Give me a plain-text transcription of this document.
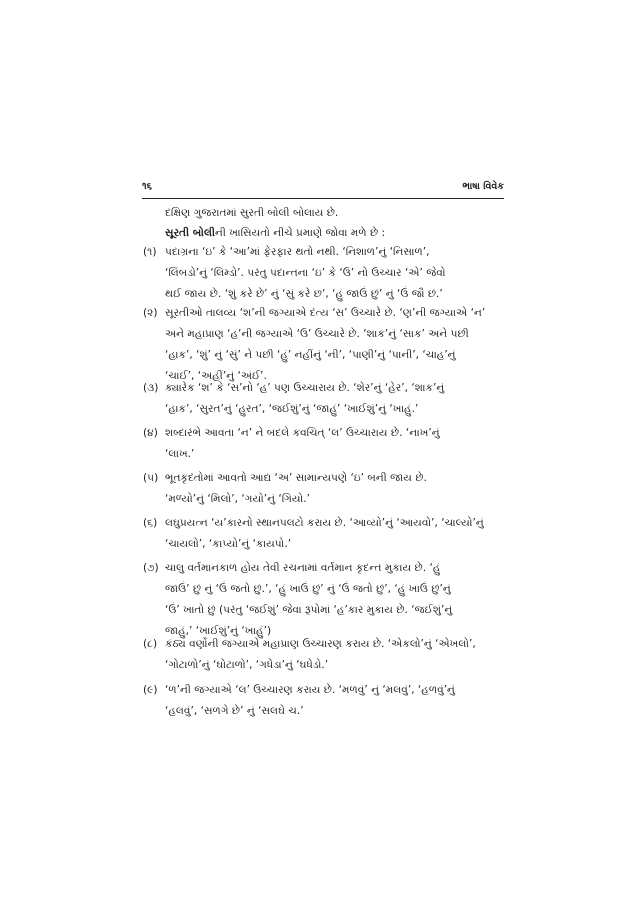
૧૬	ભાષા વિવેક
દક્ષિણ ગુજરાતમાં સુરતી બોલી બોલાય છે.
સૂરતી બોલીની ખાસિયતો નીચે પ્રમાણે જોવા મળે છે :
(૧) પદાગ્રના ‘ઇ’ કે ‘આ’માં ફેરફાર થતો નથી. ‘નિશાળ’નું ‘નિસાળ’,
‘લિંબડો’નું ‘લિમ્ડો’. પરંતુ પદાન્તના ‘ઇ’ કે ‘ઉ’ નો ઉચ્ચાર ‘એ’ જેવો
થઈ જાય છે. ‘શું કરે છે’ નું ‘સું કરે છ’, ‘હું જાઉં છું’ નું ‘ઉં જૌ છં.’
(૨) સૂરતીઓ તાલવ્ય ‘શ’ની જગ્યાએ દંત્ય ‘સ’ ઉચ્ચારે છે. ‘ણ’ની જગ્યાએ ‘ન’
અને મહાપ્રાણ ‘હ’ની જગ્યાએ ‘ઉ’ ઉચ્ચારે છે. ‘શાક’નું ‘સાક’ અને પછી
‘હાક’, ‘શું’ નું ‘સું’ ને પછી ‘હું’ નહીંનું ‘ની’, ‘પાણી’નું ‘પાની’, ‘ચાહ’નું
‘ચાઈ’, ‘અહીં’નું ‘અંઈ’.
(૩) ક્યારેક ‘શ’ કે ‘સ’નો ‘હ’ પણ ઉચ્ચારાય છે. ‘શેર’નું ‘હેર’, ‘શાક’નું
‘હાક’, ‘સુરત’નું ‘હુરત’, ‘જઈશું’નું ‘જાહું’ ‘ખાઈશું’નું ‘ખાહું.’
(૪) શબ્દારંભે આવતા ‘ન’ ને બદલે કવચિત્ ‘લ’ ઉચ્ચારાય છે. ‘નાખ’નું
‘લાખ.’
(૫) ભૂતકૃદંતોમાં આવતો આદ્ય ‘અ’ સામાન્યપણે ‘ઇ’ બની જાય છે.
‘મળ્યો’નું ‘મિલો’, ‘ગયો’નું ‘ગિયો.’
(૬) લઘુપ્રયત્ન ‘ય’કારનો સ્થાનપલટો કરાય છે. ‘આવ્યો’નું ‘આયવો’, ‘ચાલ્યો’નું
‘ચાયલો’, ‘કાપ્યો’નું ‘કાયપો.’
(૭) ચાલુ વર્તમાનકાળ હોય તેવી રચનામાં વર્તમાન કૃદન્ત મુકાય છે. ‘હું
જાઉં’ છું નું ‘ઉં જતો છું.’, ‘હું ખાઉં છું’ નું ‘ઉં જતો છું’, ‘હું ખાઉં છું’નું
‘ઉં’ ખાતો છું (પરંતુ ‘જઈશું’ જેવા રૂપોમાં ‘હ’કાર મુકાય છે. ‘જઈશું’નું
જાહું,’ ‘ખાઈશું’નું ‘ખાહું’)
(૮) કંઠ્ય વર્ણોની જગ્યાએ મહાપ્રાણ ઉચ્ચારણ કરાય છે. ‘એકલો’નું ‘એખલો’,
‘ગોટાળો’નું ‘ઘોટાળો’, ‘ગધેડા’નું ‘ઘધેડો.’
(૯) ‘ળ’ની જગ્યાએ ‘લ’ ઉચ્ચારણ કરાય છે. ‘મળવું’ નું ‘મલવું’, ‘હળવું’નું
‘હલવું’, ‘સળગે છે’ નું ‘સલઘે ચ.’
